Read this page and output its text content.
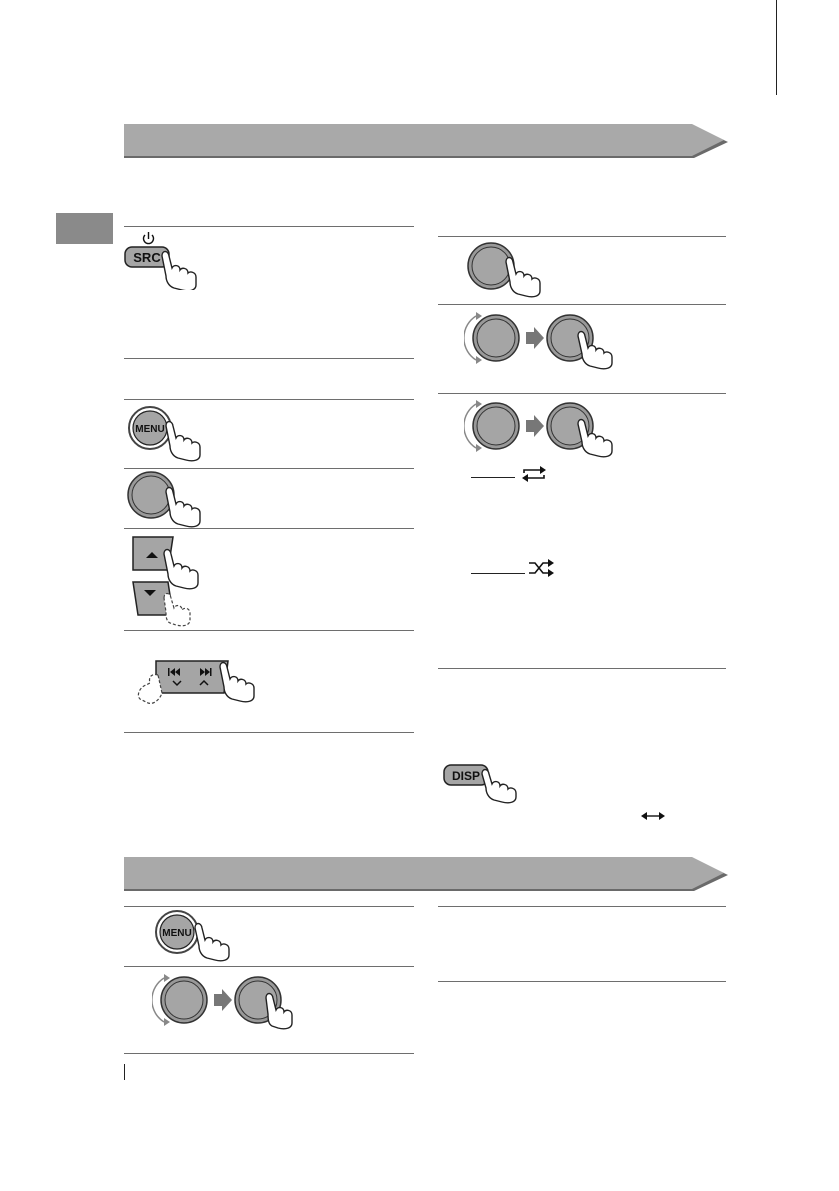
SRC
MENU
DISP
MENU
